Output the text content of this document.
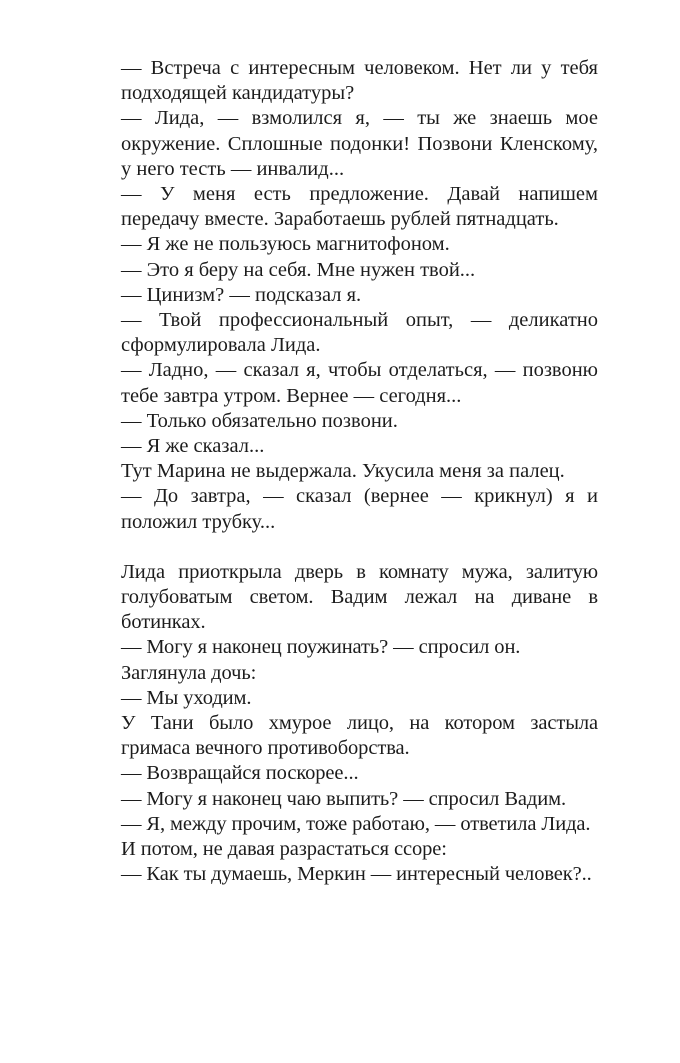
— Встреча с интересным человеком. Нет ли у тебя подходящей кандидатуры?

— Лида, — взмолился я, — ты же знаешь мое окружение. Сплошные подонки! Позвони Кленскому, у него тесть — инвалид...

— У меня есть предложение. Давай напишем передачу вместе. Заработаешь рублей пятнадцать.

— Я же не пользуюсь магнитофоном.

— Это я беру на себя. Мне нужен твой...

— Цинизм? — подсказал я.

— Твой профессиональный опыт, — деликатно сформулировала Лида.

— Ладно, — сказал я, чтобы отделаться, — позвоню тебе завтра утром. Вернее — сегодня...

— Только обязательно позвони.

— Я же сказал...

Тут Марина не выдержала. Укусила меня за палец.

— До завтра, — сказал (вернее — крикнул) я и положил трубку...

Лида приоткрыла дверь в комнату мужа, залитую голубоватым светом. Вадим лежал на диване в ботинках.

— Могу я наконец поужинать? — спросил он.

Заглянула дочь:

— Мы уходим.

У Тани было хмурое лицо, на котором застыла гримаса вечного противоборства.

— Возвращайся поскорее...

— Могу я наконец чаю выпить? — спросил Вадим.

— Я, между прочим, тоже работаю, — ответила Лида.

И потом, не давая разрастаться ссоре:

— Как ты думаешь, Меркин — интересный человек?..
